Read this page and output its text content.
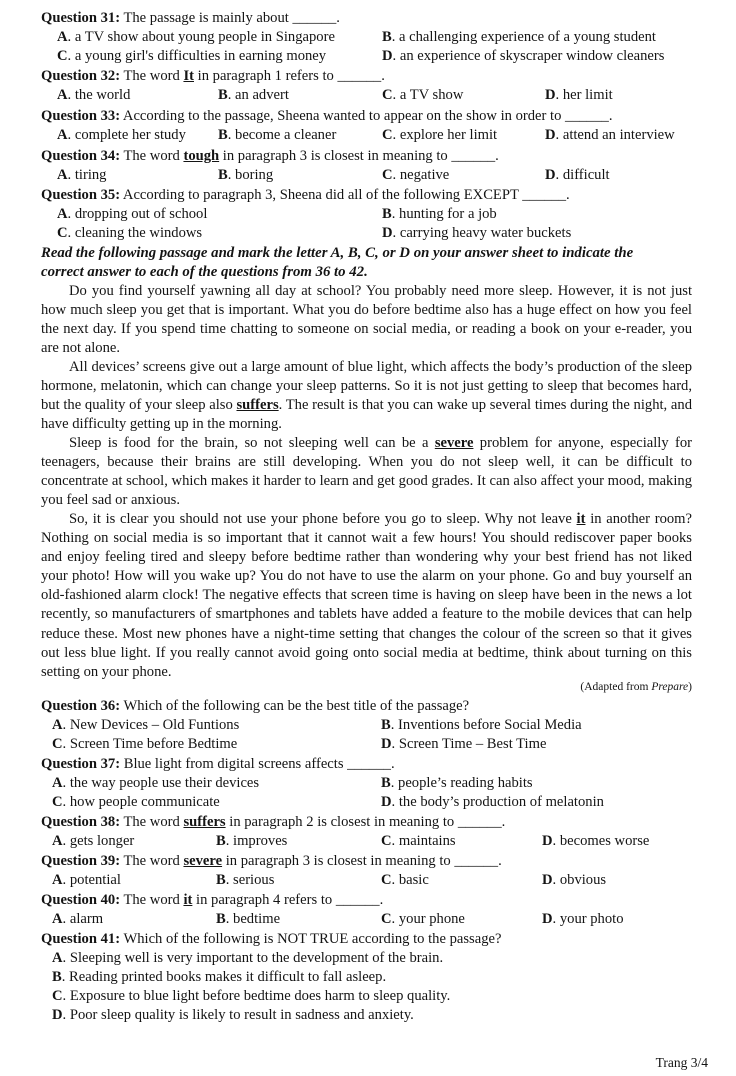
Question 31: The passage is mainly about ______.
A. a TV show about young people in Singapore	B. a challenging experience of a young student
C. a young girl's difficulties in earning money	D. an experience of skyscraper window cleaners
Question 32: The word It in paragraph 1 refers to ______.
A. the world	B. an advert	C. a TV show	D. her limit
Question 33: According to the passage, Sheena wanted to appear on the show in order to ______.
A. complete her study B. become a cleaner	C. explore her limit	D. attend an interview
Question 34: The word tough in paragraph 3 is closest in meaning to ______.
A. tiring	B. boring	C. negative	D. difficult
Question 35: According to paragraph 3, Sheena did all of the following EXCEPT ______.
A. dropping out of school	B. hunting for a job
C. cleaning the windows	D. carrying heavy water buckets
Read the following passage and mark the letter A, B, C, or D on your answer sheet to indicate the
correct answer to each of the questions from 36 to 42.

Do you find yourself yawning all day at school? You probably need more sleep. However, it is not just how much sleep you get that is important. What you do before bedtime also has a huge effect on how you feel the next day. If you spend time chatting to someone on social media, or reading a book on your e-reader, you are not alone.

All devices’ screens give out a large amount of blue light, which affects the body’s production of the sleep hormone, melatonin, which can change your sleep patterns. So it is not just getting to sleep that becomes hard, but the quality of your sleep also suffers. The result is that you can wake up several times during the night, and have difficulty getting up in the morning.

Sleep is food for the brain, so not sleeping well can be a severe problem for anyone, especially for teenagers, because their brains are still developing. When you do not sleep well, it can be difficult to concentrate at school, which makes it harder to learn and get good grades. It can also affect your mood, making you feel sad or anxious.

So, it is clear you should not use your phone before you go to sleep. Why not leave it in another room? Nothing on social media is so important that it cannot wait a few hours! You should rediscover paper books and enjoy feeling tired and sleepy before bedtime rather than wondering why your best friend has not liked your photo! How will you wake up? You do not have to use the alarm on your phone. Go and buy yourself an old-fashioned alarm clock! The negative effects that screen time is having on sleep have been in the news a lot recently, so manufacturers of smartphones and tablets have added a feature to the mobile devices that can help reduce these. Most new phones have a night-time setting that changes the colour of the screen so that it gives out less blue light. If you really cannot avoid going onto social media at bedtime, think about turning on this setting on your phone.

(Adapted from Prepare)
Question 36: Which of the following can be the best title of the passage?
A. New Devices – Old Funtions	B. Inventions before Social Media
C. Screen Time before Bedtime	D. Screen Time – Best Time
Question 37: Blue light from digital screens affects ______.
A. the way people use their devices	B. people’s reading habits
C. how people communicate	D. the body’s production of melatonin
Question 38: The word suffers in paragraph 2 is closest in meaning to ______.
A. gets longer	B. improves	C. maintains	D. becomes worse
Question 39: The word severe in paragraph 3 is closest in meaning to ______.
A. potential	B. serious	C. basic	D. obvious
Question 40: The word it in paragraph 4 refers to ______.
A. alarm	B. bedtime	C. your phone	D. your photo
Question 41: Which of the following is NOT TRUE according to the passage?
A. Sleeping well is very important to the development of the brain.
B. Reading printed books makes it difficult to fall asleep.
C. Exposure to blue light before bedtime does harm to sleep quality.
D. Poor sleep quality is likely to result in sadness and anxiety.
Trang 3/4
